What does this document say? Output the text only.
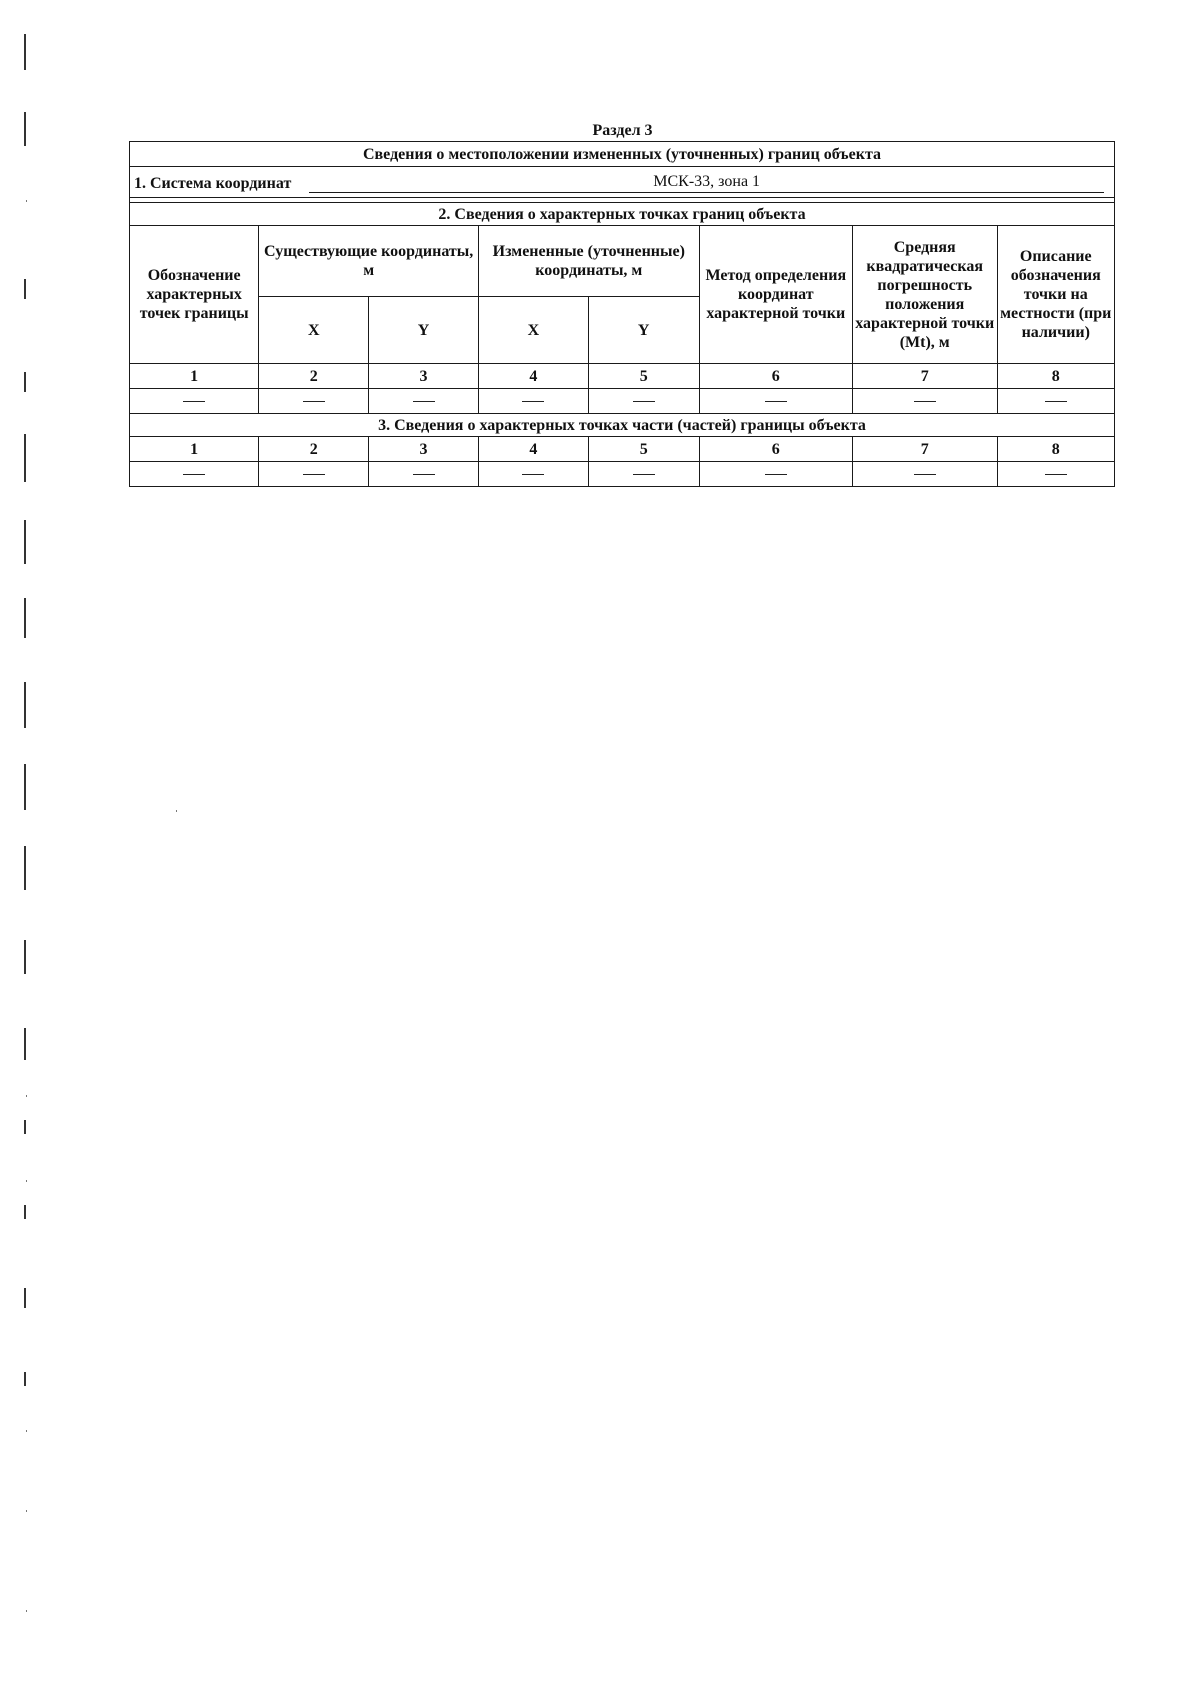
Раздел 3
Сведения о местоположении измененных (уточненных) границ объекта							

1. Система координат МСК-33, зона 1							

2. Сведения о характерных точках границ объекта							
Обозначение характерных точек границы	Существующие координаты, м		Измененные (уточненные) координаты, м		Метод определения координат характерной точки	Средняя квадратическая погрешность положения характерной точки (Mt), м	Описание обозначения точки на местности (при наличии)
	X	Y	X	Y			
1	2	3	4	5	6	7	8

3. Сведения о характерных точках части (частей) границы объекта							
1	2	3	4	5	6	7	8
